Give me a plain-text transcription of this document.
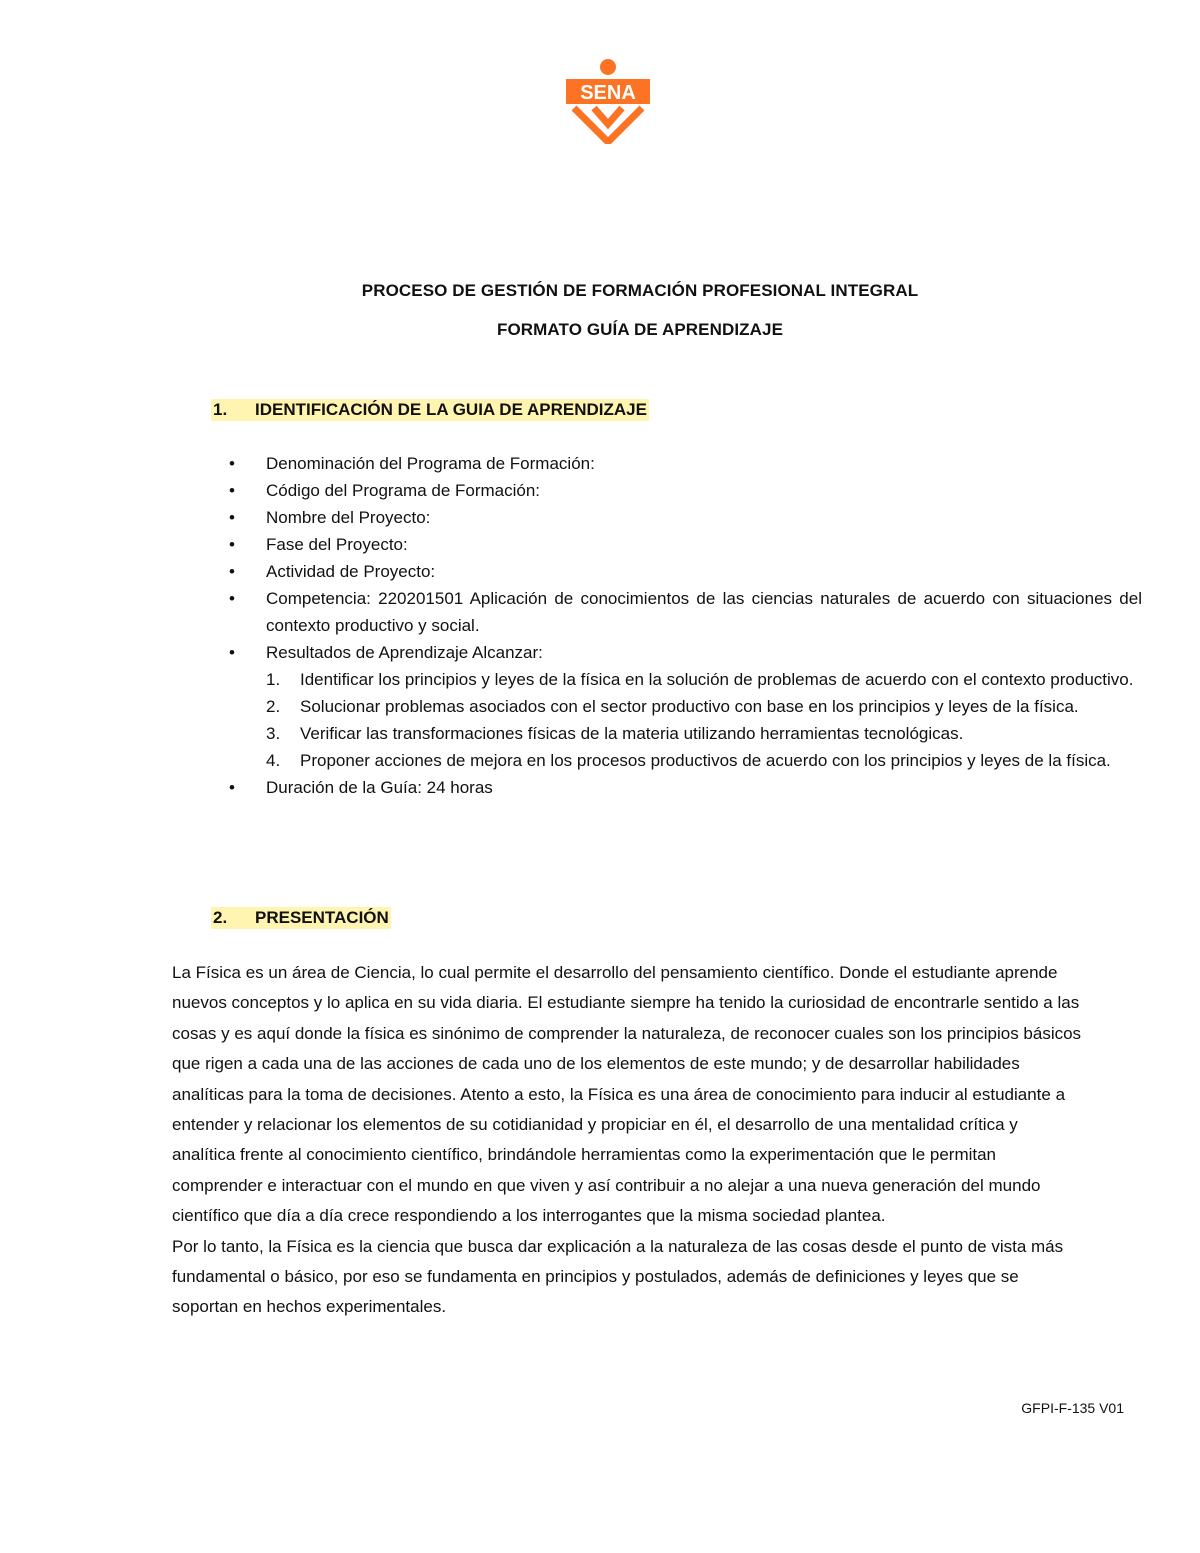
SENA
PROCESO DE GESTIÓN DE FORMACIÓN PROFESIONAL INTEGRAL
FORMATO GUÍA DE APRENDIZAJE
1. IDENTIFICACIÓN DE LA GUIA DE APRENDIZAJE
• Denominación del Programa de Formación:
• Código del Programa de Formación:
• Nombre del Proyecto:
• Fase del Proyecto:
• Actividad de Proyecto:
• Competencia: 220201501 Aplicación de conocimientos de las ciencias naturales de acuerdo con situaciones del contexto productivo y social.
• Resultados de Aprendizaje Alcanzar:
1. Identificar los principios y leyes de la física en la solución de problemas de acuerdo con el contexto productivo.
2. Solucionar problemas asociados con el sector productivo con base en los principios y leyes de la física.
3. Verificar las transformaciones físicas de la materia utilizando herramientas tecnológicas.
4. Proponer acciones de mejora en los procesos productivos de acuerdo con los principios y leyes de la física.
• Duración de la Guía: 24 horas
2. PRESENTACIÓN

La Física es un área de Ciencia, lo cual permite el desarrollo del pensamiento científico. Donde el estudiante aprende nuevos conceptos y lo aplica en su vida diaria. El estudiante siempre ha tenido la curiosidad de encontrarle sentido a las cosas y es aquí donde la física es sinónimo de comprender la naturaleza, de reconocer cuales son los principios básicos que rigen a cada una de las acciones de cada uno de los elementos de este mundo; y de desarrollar habilidades analíticas para la toma de decisiones. Atento a esto, la Física es una área de conocimiento para inducir al estudiante a entender y relacionar los elementos de su cotidianidad y propiciar en él, el desarrollo de una mentalidad crítica y analítica frente al conocimiento científico, brindándole herramientas como la experimentación que le permitan comprender e interactuar con el mundo en que viven y así contribuir a no alejar a una nueva generación del mundo científico que día a día crece respondiendo a los interrogantes que la misma sociedad plantea.

Por lo tanto, la Física es la ciencia que busca dar explicación a la naturaleza de las cosas desde el punto de vista más fundamental o básico, por eso se fundamenta en principios y postulados, además de definiciones y leyes que se soportan en hechos experimentales.

GFPI-F-135 V01
